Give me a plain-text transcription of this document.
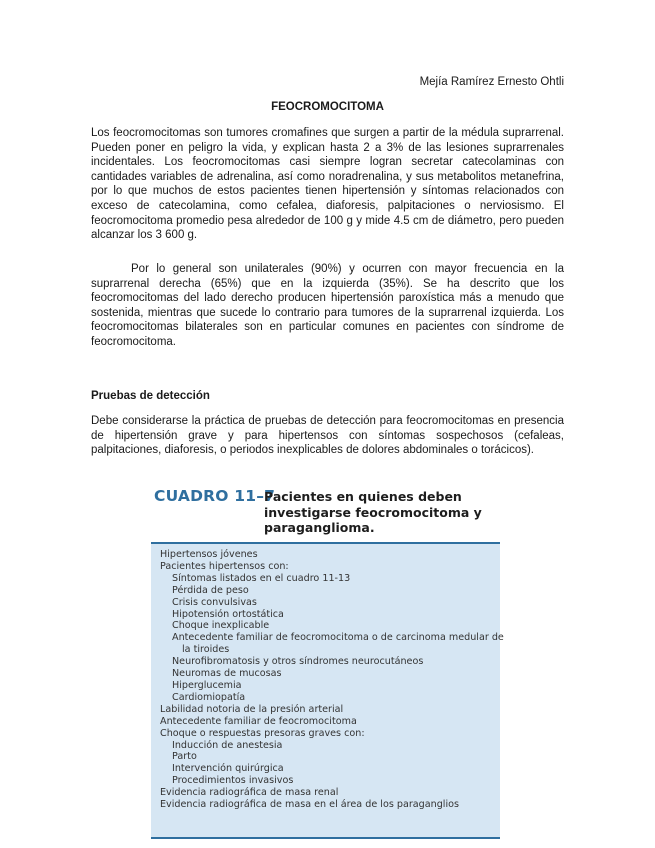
Mejía Ramírez Ernesto Ohtli
FEOCROMOCITOMA

Los feocromocitomas son tumores cromafines que surgen a partir de la médula suprarrenal. Pueden poner en peligro la vida, y explican hasta 2 a 3% de las lesiones suprarrenales incidentales. Los feocromocitomas casi siempre logran secretar catecolaminas con cantidades variables de adrenalina, así como noradrenalina, y sus metabolitos metanefrina, por lo que muchos de estos pacientes tienen hipertensión y síntomas relacionados con exceso de catecolamina, como cefalea, diaforesis, palpitaciones o nerviosismo. El feocromocitoma promedio pesa alrededor de 100 g y mide 4.5 cm de diámetro, pero pueden alcanzar los 3 600 g.

Por lo general son unilaterales (90%) y ocurren con mayor frecuencia en la suprarrenal derecha (65%) que en la izquierda (35%). Se ha descrito que los feocromocitomas del lado derecho producen hipertensión paroxística más a menudo que sostenida, mientras que sucede lo contrario para tumores de la suprarrenal izquierda. Los feocromocitomas bilaterales son en particular comunes en pacientes con síndrome de feocromocitoma.

Pruebas de detección

Debe considerarse la práctica de pruebas de detección para feocromocitomas en presencia de hipertensión grave y para hipertensos con síntomas sospechosos (cefaleas, palpitaciones, diaforesis, o periodos inexplicables de dolores abdominales o torácicos).

CUADRO 11–7
Pacientes en quienes deben investigarse feocromocitoma y paraganglioma.
Hipertensos jóvenes
Pacientes hipertensos con:
Síntomas listados en el cuadro 11-13
Pérdida de peso
Crisis convulsivas
Hipotensión ortostática
Choque inexplicable
Antecedente familiar de feocromocitoma o de carcinoma medular de
la tiroides
Neurofibromatosis y otros síndromes neurocutáneos
Neuromas de mucosas
Hiperglucemia
Cardiomiopatía
Labilidad notoria de la presión arterial
Antecedente familiar de feocromocitoma
Choque o respuestas presoras graves con:
Inducción de anestesia
Parto
Intervención quirúrgica
Procedimientos invasivos
Evidencia radiográfica de masa renal
Evidencia radiográfica de masa en el área de los paraganglios
